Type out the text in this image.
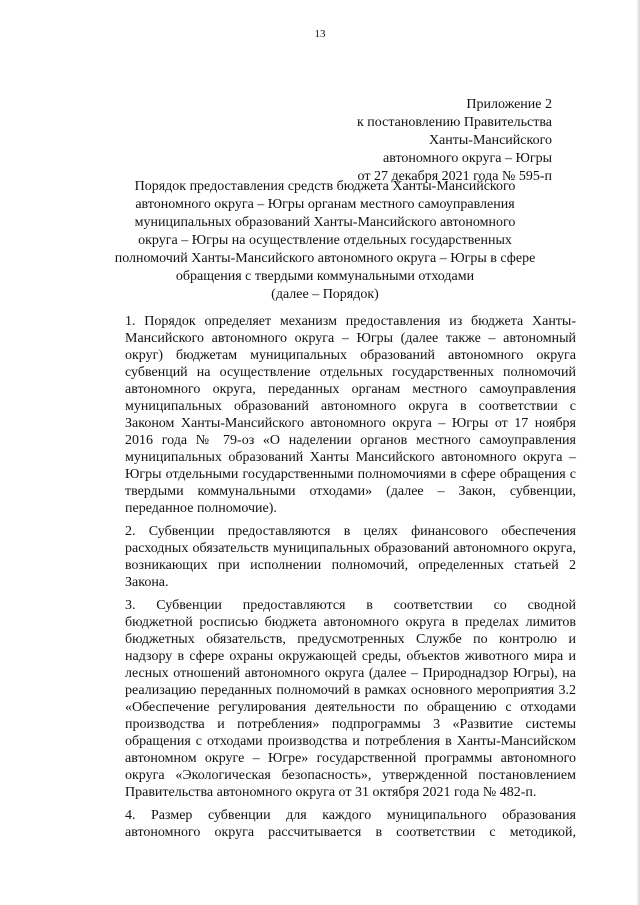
13
Приложение 2
к постановлению Правительства
Ханты-Мансийского
автономного округа – Югры
от 27 декабря 2021 года № 595-п
Порядок предоставления средств бюджета Ханты-Мансийского
автономного округа – Югры органам местного самоуправления
муниципальных образований Ханты-Мансийского автономного
округа – Югры на осуществление отдельных государственных
полномочий Ханты-Мансийского автономного округа – Югры в сфере
обращения с твердыми коммунальными отходами
(далее – Порядок)
1. Порядок определяет механизм предоставления из бюджета Ханты-
Мансийского автономного округа – Югры (далее также – автономный
округ) бюджетам муниципальных образований автономного округа
субвенций на осуществление отдельных государственных полномочий
автономного округа, переданных органам местного самоуправления
муниципальных образований автономного округа в соответствии с
Законом Ханты-Мансийского автономного округа – Югры от 17 ноября
2016 года № 79-оз «О наделении органов местного самоуправления
муниципальных образований Ханты Мансийского автономного округа –
Югры отдельными государственными полномочиями в сфере обращения с
твердыми коммунальными отходами» (далее – Закон, субвенции,
переданное полномочие).
2. Субвенции предоставляются в целях финансового обеспечения
расходных обязательств муниципальных образований автономного округа,
возникающих при исполнении полномочий, определенных статьей 2
Закона.
3. Субвенции предоставляются в соответствии со сводной
бюджетной росписью бюджета автономного округа в пределах лимитов
бюджетных обязательств, предусмотренных Службе по контролю и
надзору в сфере охраны окружающей среды, объектов животного мира и
лесных отношений автономного округа (далее – Природнадзор Югры), на
реализацию переданных полномочий в рамках основного мероприятия 3.2
«Обеспечение регулирования деятельности по обращению с отходами
производства и потребления» подпрограммы 3 «Развитие системы
обращения с отходами производства и потребления в Ханты-Мансийском
автономном округе – Югре» государственной программы автономного
округа «Экологическая безопасность», утвержденной постановлением
Правительства автономного округа от 31 октября 2021 года № 482-п.
4. Размер субвенции для каждого муниципального образования
автономного округа рассчитывается в соответствии с методикой,
